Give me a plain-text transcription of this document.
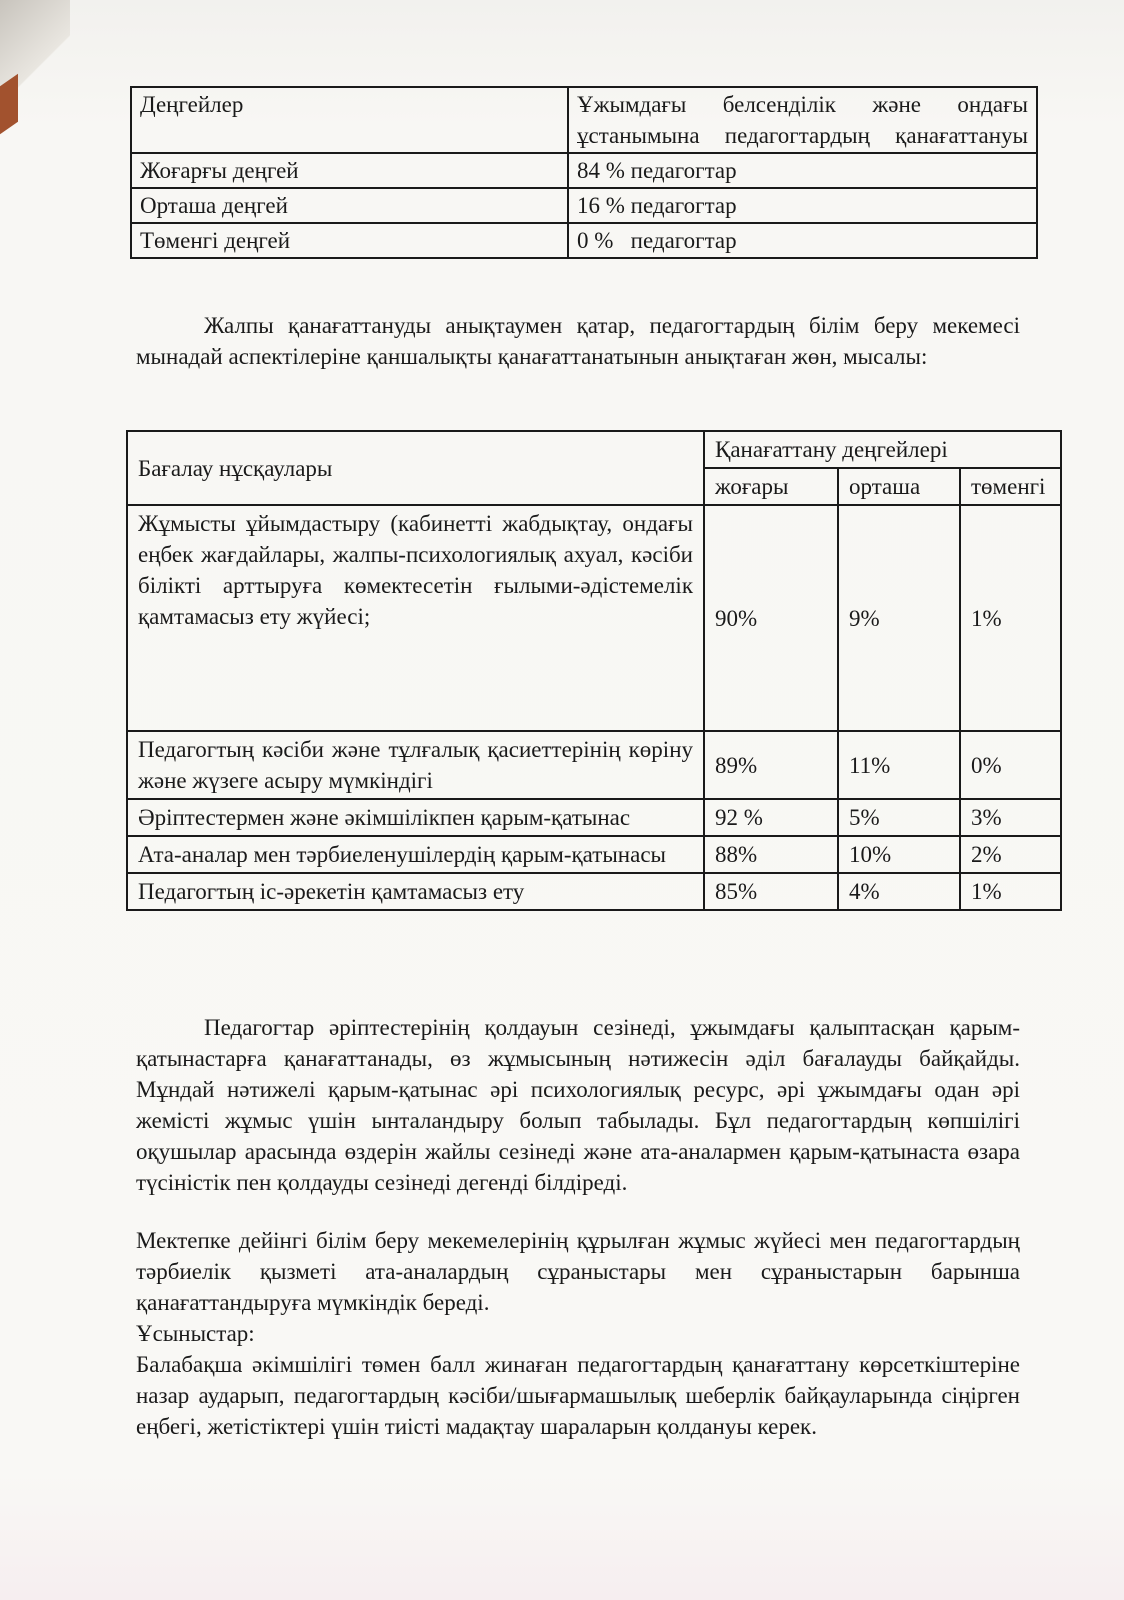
Деңгейлер	Ұжымдағы белсенділік және ондағы ұстанымына педагогтардың қанағаттануы
Жоғарғы деңгей	84 % педагогтар
Орташа деңгей	16 % педагогтар
Төменгі деңгей	0 %   педагогтар

Жалпы қанағаттануды анықтаумен қатар, педагогтардың білім беру мекемесі мынадай аспектілеріне қаншалықты қанағаттанатынын анықтаған жөн, мысалы:

Бағалау нұсқаулары	Қанағаттану деңгейлері		
	жоғары	орташа	төменгі
Жұмысты ұйымдастыру (кабинетті жабдықтау, ондағы еңбек жағдайлары, жалпы-психологиялық ахуал, кәсіби білікті арттыруға көмектесетін ғылыми-әдістемелік қамтамасыз ету жүйесі;	90%	9%	1%
Педагогтың кәсіби және тұлғалық қасиеттерінің көріну және жүзеге асыру мүмкіндігі	89%	11%	0%
Әріптестермен және әкімшілікпен қарым-қатынас	92 %	5%	3%
Ата-аналар мен тәрбиеленушілердің қарым-қатынасы	88%	10%	2%
Педагогтың іс-әрекетін қамтамасыз ету	85%	4%	1%

Педагогтар әріптестерінің қолдауын сезінеді, ұжымдағы қалыптасқан қарым-қатынастарға қанағаттанады, өз жұмысының нәтижесін әділ бағалауды байқайды. Мұндай нәтижелі қарым-қатынас әрі психологиялық ресурс, әрі ұжымдағы одан әрі жемісті жұмыс үшін ынталандыру болып табылады. Бұл педагогтардың көпшілігі оқушылар арасында өздерін жайлы сезінеді және ата-аналармен қарым-қатынаста өзара түсіністік пен қолдауды сезінеді дегенді білдіреді.

Мектепке дейінгі білім беру мекемелерінің құрылған жұмыс жүйесі мен педагогтардың тәрбиелік қызметі ата-аналардың сұраныстары мен сұраныстарын барынша қанағаттандыруға мүмкіндік береді.

Ұсыныстар:

Балабақша әкімшілігі төмен балл жинаған педагогтардың қанағаттану көрсеткіштеріне назар аударып, педагогтардың кәсіби/шығармашылық шеберлік байқауларында сіңірген еңбегі, жетістіктері үшін тиісті мадақтау шараларын қолдануы керек.
